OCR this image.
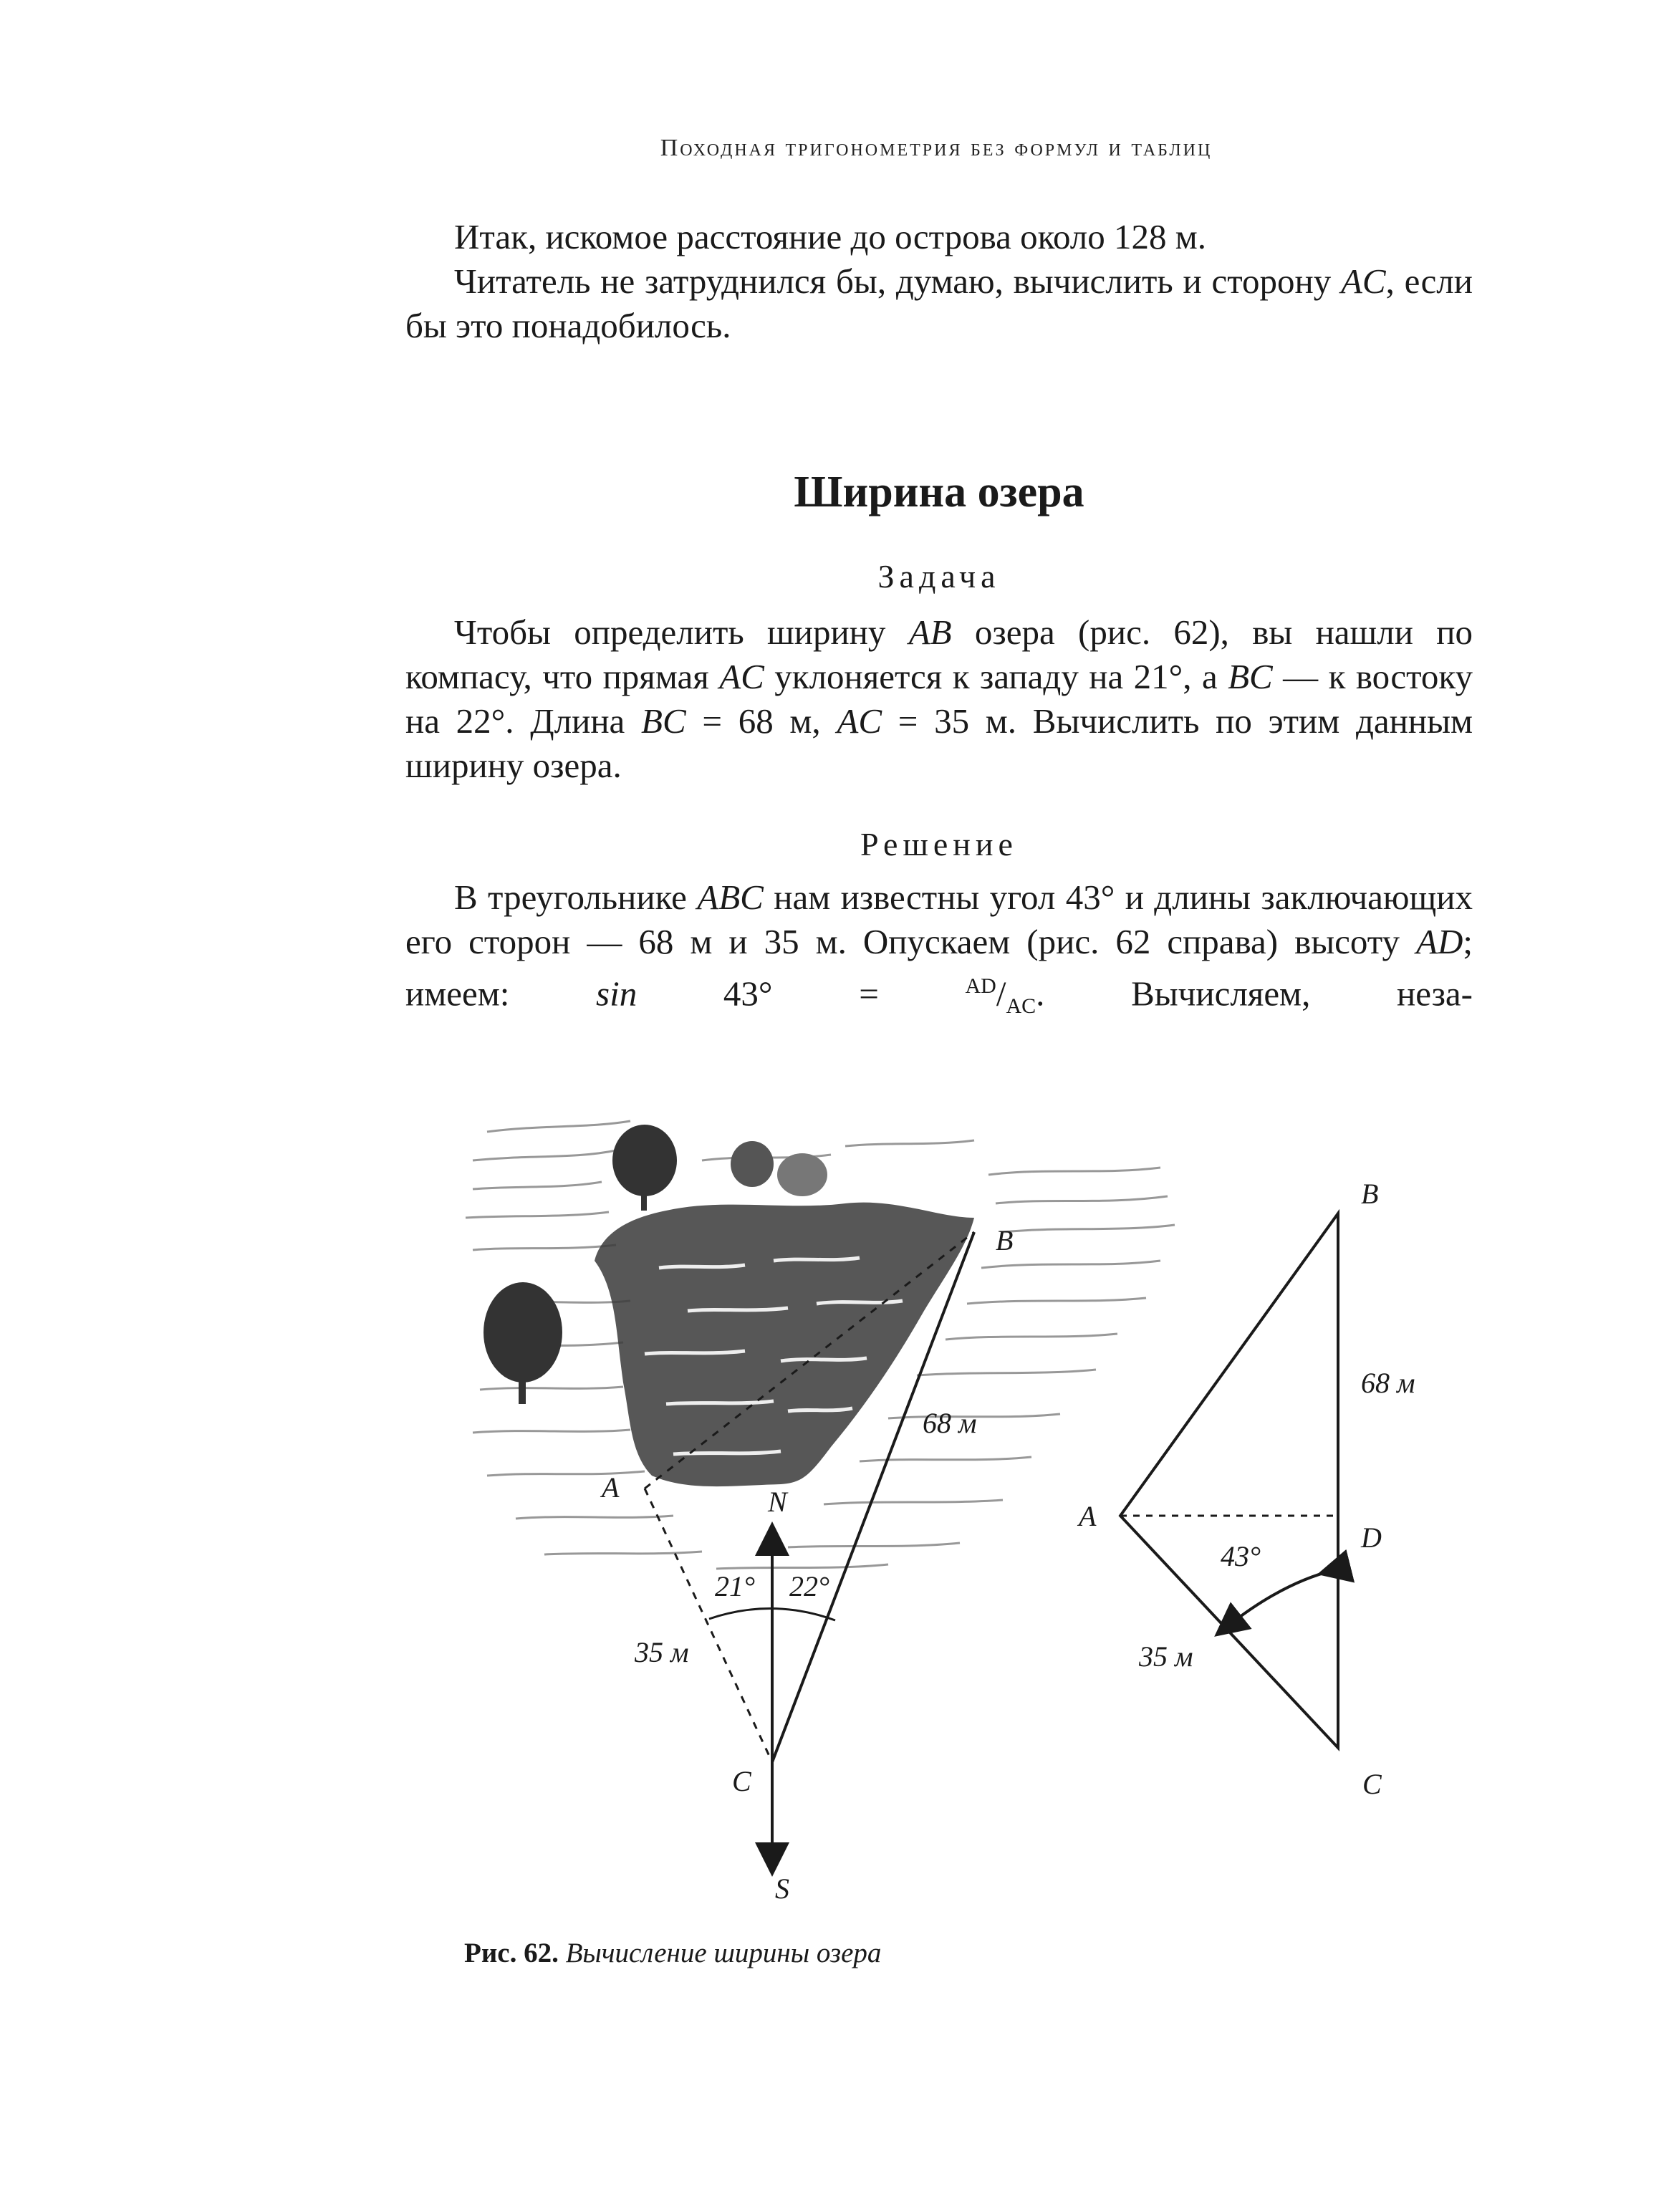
Походная тригонометрия без формул и таблиц

Итак, искомое расстояние до острова около 128 м.

Читатель не затруднился бы, думаю, вычислить и сторону AC, если бы это понадобилось.

Ширина озера
Задача

Чтобы определить ширину AB озера (рис. 62), вы нашли по компасу, что прямая AC уклоняется к западу на 21°, а BC — к востоку на 22°. Длина BC = 68 м, AC = 35 м. Вычислить по этим данным ширину озера.

Решение

В треугольнике ABC нам известны угол 43° и длины заключающих его сторон — 68 м и 35 м. Опускаем (рис. 62 справа) высоту AD; имеем: $\sin 43^\circ = ^{AD}/_{AC}$. Вычисляем, неза-

A
B
N
C
S
21° 22°
68 м
35 м
B
A
D
C
68 м
35 м
43°
Рис. 62. Вычисление ширины озера
